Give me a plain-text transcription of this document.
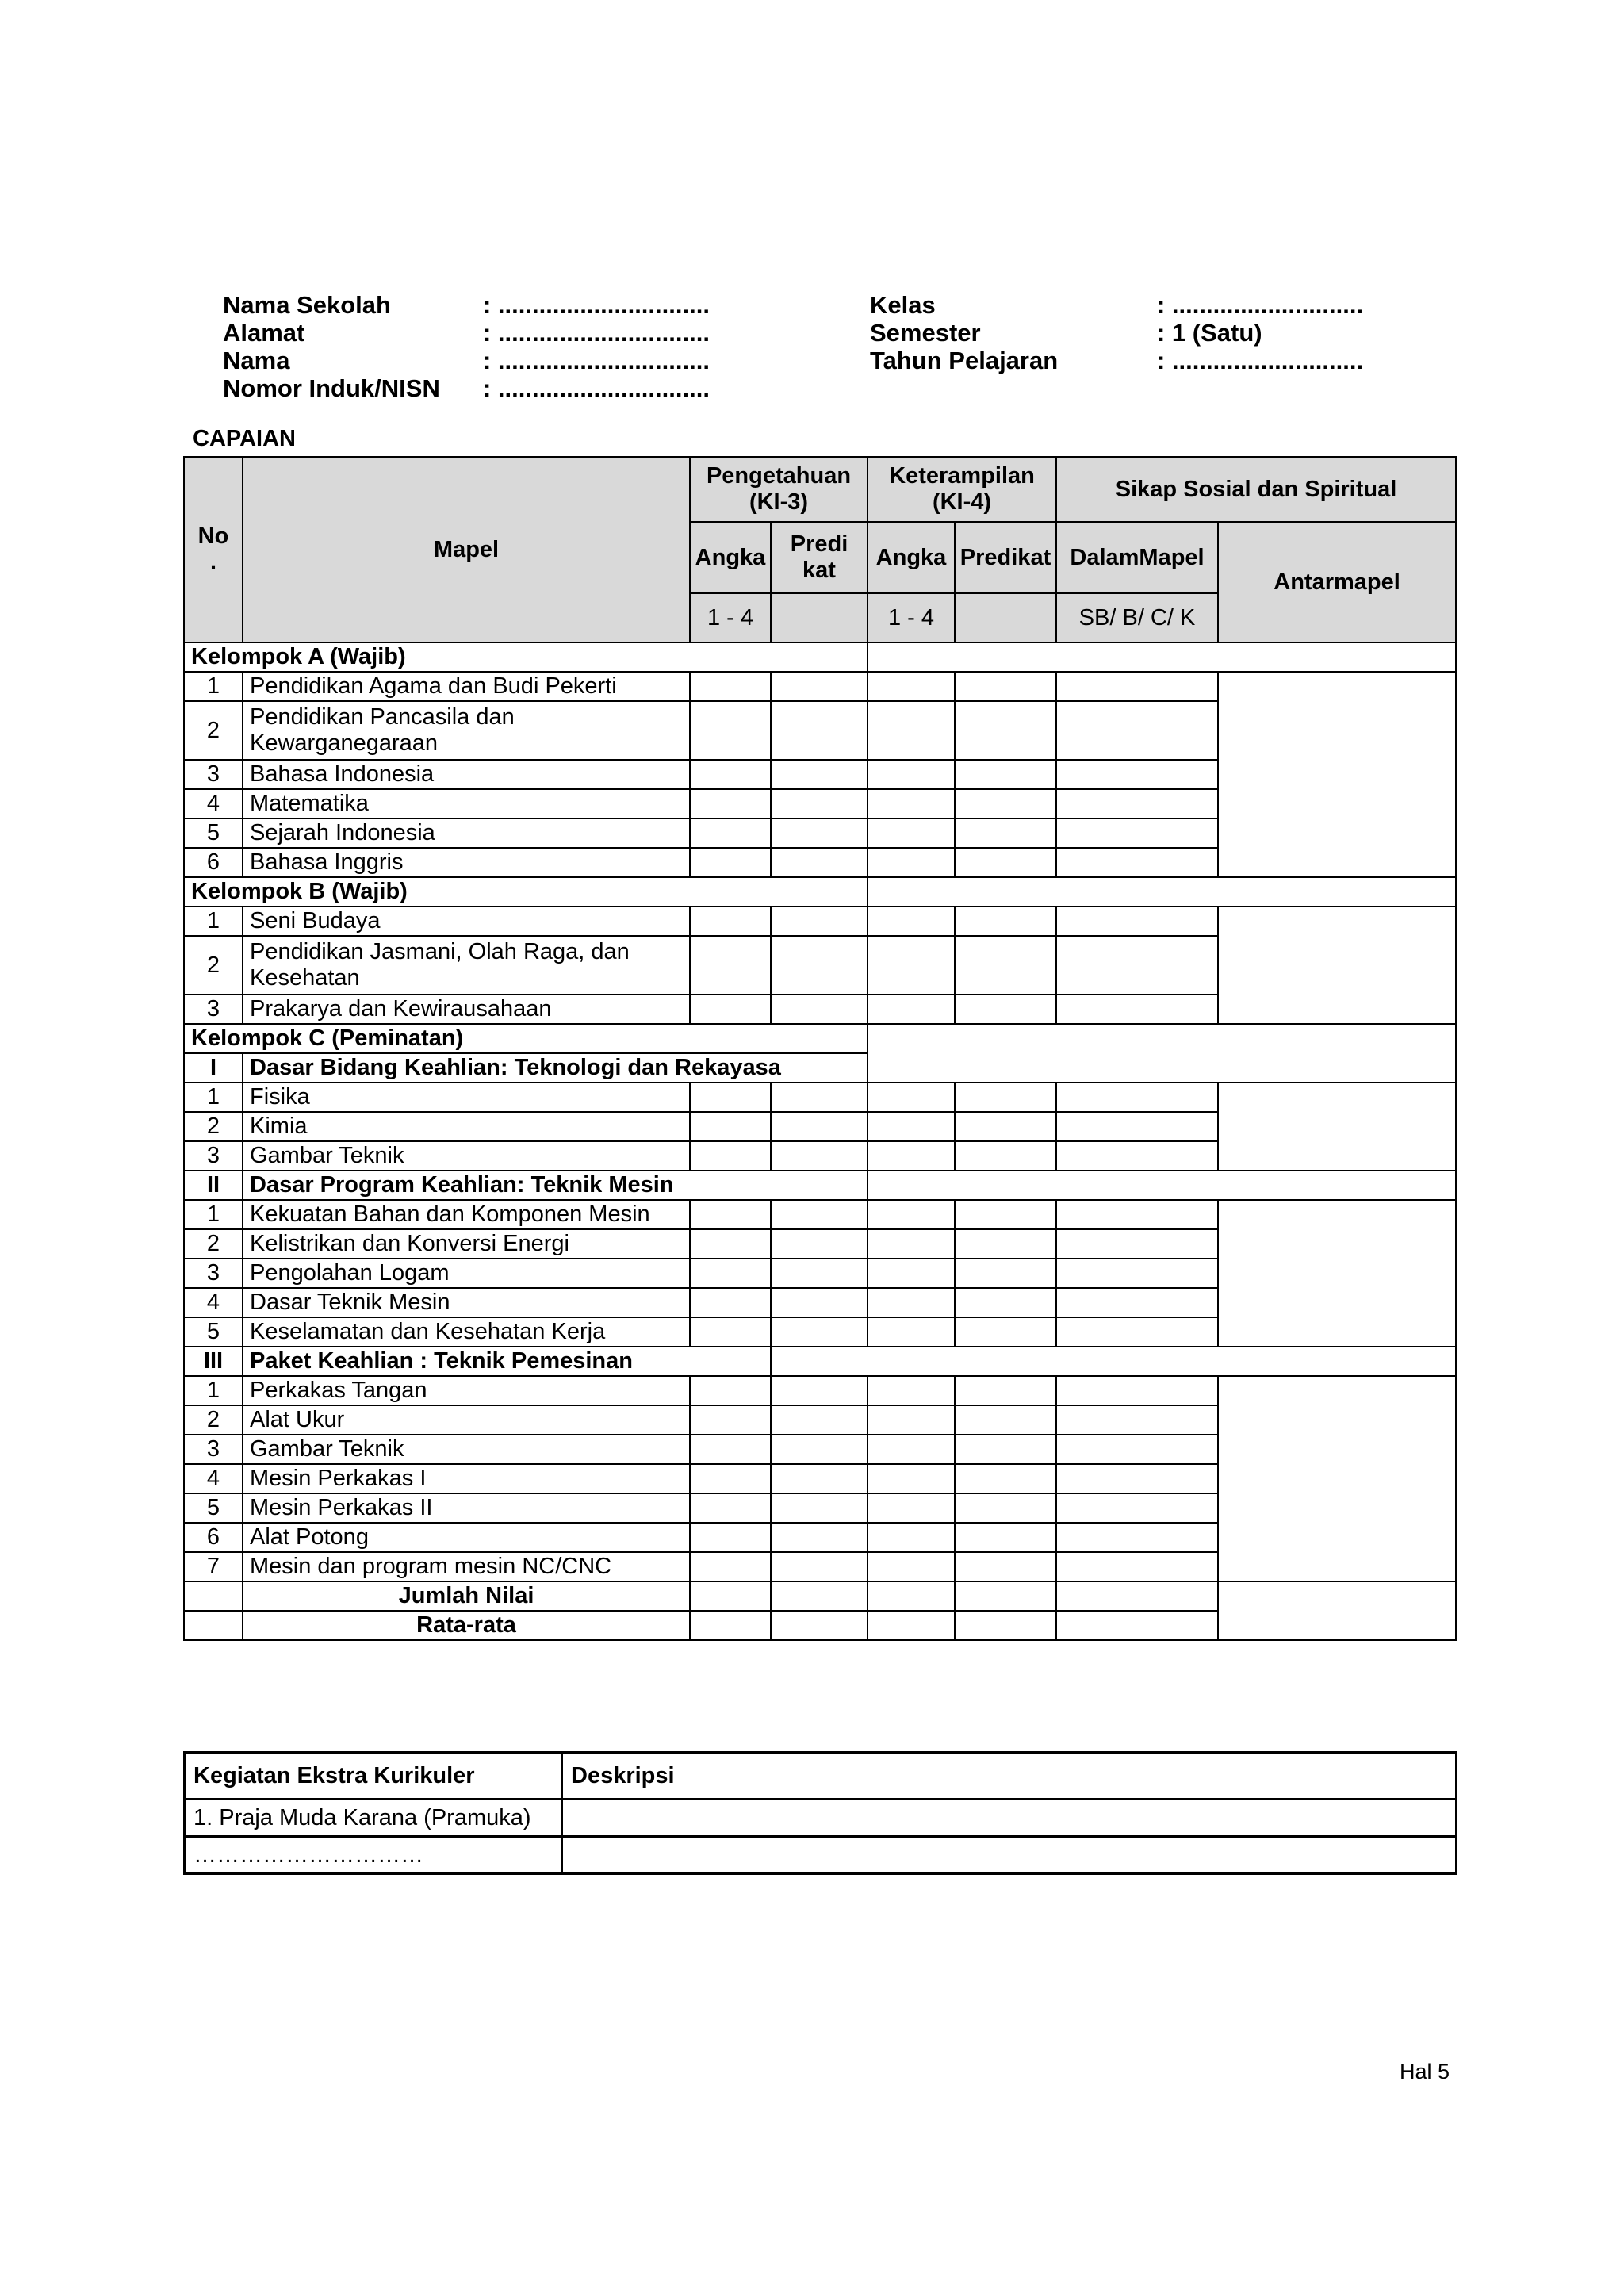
Nama Sekolah	: ...............................
Alamat	: ...............................
Nama	: ...............................
Nomor Induk/NISN : ...............................
Kelas	: ............................
Semester	: 1 (Satu)
Tahun Pelajaran	: ............................
CAPAIAN
No
.	Mapel	Pengetahuan (KI-3)		Keterampilan (KI-4)		Sikap Sosial dan Spiritual	
		Angka	Predi kat	Angka	Predikat	DalamMapel	Antarmapel
		1 - 4		1 - 4		SB/ B/ C/ K	
Kelompok A (Wajib)							
1	Pendidikan Agama dan Budi Pekerti						
2	Pendidikan Pancasila dan Kewarganegaraan						
3	Bahasa Indonesia						
4	Matematika						
5	Sejarah Indonesia						
6	Bahasa Inggris						
Kelompok B (Wajib)							
1	Seni Budaya						
2	Pendidikan Jasmani, Olah Raga, dan Kesehatan						
3	Prakarya dan Kewirausahaan						
Kelompok C (Peminatan)							
I	Dasar Bidang Keahlian: Teknologi dan Rekayasa						
1	Fisika						
2	Kimia						
3	Gambar Teknik						
II	Dasar Program Keahlian: Teknik Mesin						
1	Kekuatan Bahan dan Komponen Mesin						
2	Kelistrikan dan Konversi Energi						
3	Pengolahan Logam						
4	Dasar Teknik Mesin						
5	Keselamatan dan Kesehatan Kerja						
III	Paket Keahlian : Teknik Pemesinan						
1	Perkakas Tangan						
2	Alat Ukur						
3	Gambar Teknik						
4	Mesin Perkakas I						
5	Mesin Perkakas II						
6	Alat Potong						
7	Mesin dan program mesin NC/CNC						
	Jumlah Nilai						
	Rata-rata						
Kegiatan Ekstra Kurikuler	Deskripsi
1. Praja Muda Karana (Pramuka)	
…………………………	
Hal 5
